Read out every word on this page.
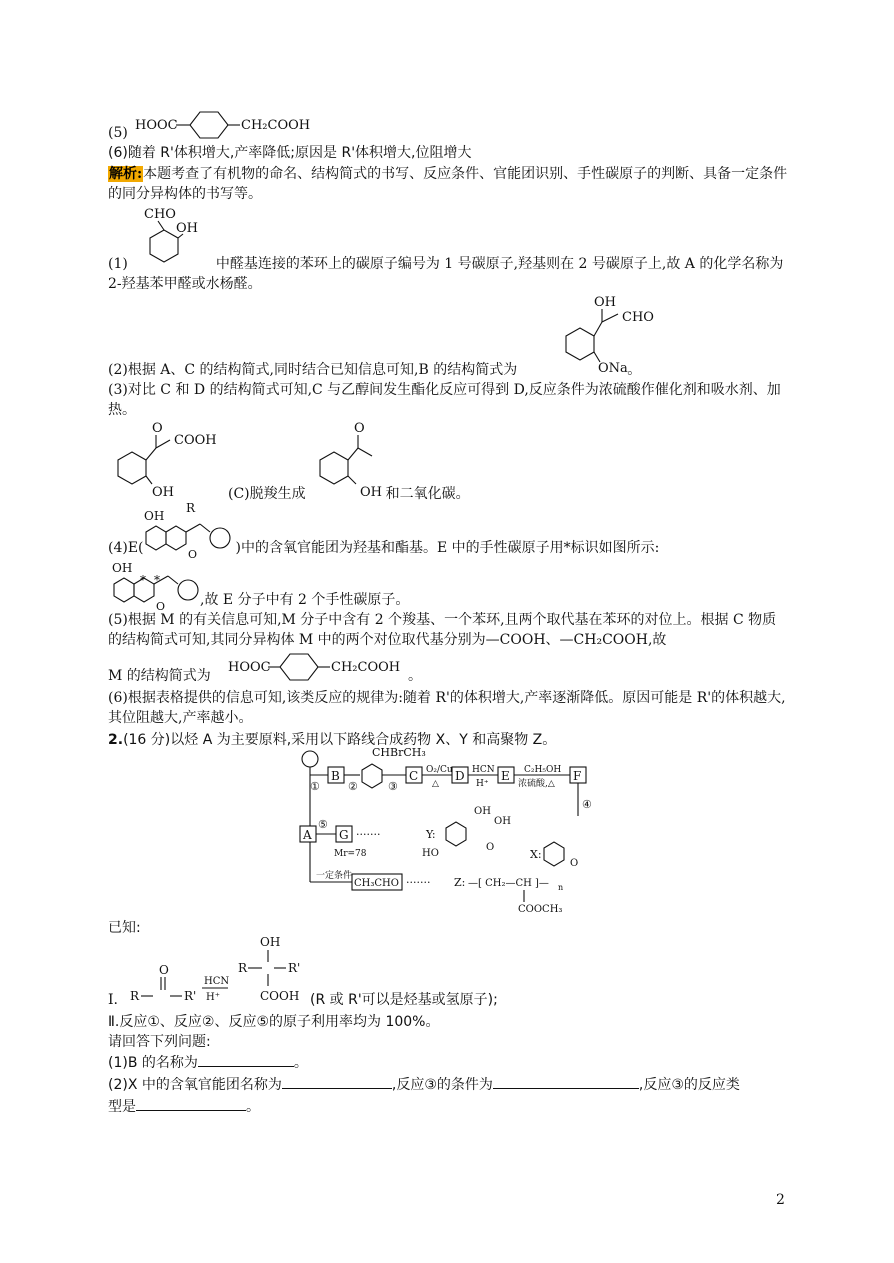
(5) HOOC	CH₂COOH
(6)随着 R'体积增大,产率降低;原因是 R'体积增大,位阻增大
解析:本题考查了有机物的命名、结构简式的书写、反应条件、官能团识别、手性碳原子的判断、具备一定条件的同分异构体的书写等。
CHO
OH
(1)	中醛基连接的苯环上的碳原子编号为 1 号碳原子,羟基则在 2 号碳原子上,故 A 的化学名称为 2-羟基苯甲醛或水杨醛。
OH
CHO
ONa
(2)根据 A、C 的结构简式,同时结合已知信息可知,B 的结构简式为	。
(3)对比 C 和 D 的结构简式可知,C 与乙醇间发生酯化反应可得到 D,反应条件为浓硫酸作催化剂和吸水剂、加热。
O
COOH
OH
O
OH
(C)脱羧生成	和二氧化碳。
OH
R
O
(4)E(	)中的含氧官能团为羟基和酯基。E 中的手性碳原子用*标识如图所示:
OH
* *
O ,故 E 分子中有 2 个手性碳原子。
(5)根据 M 的有关信息可知,M 分子中含有 2 个羧基、一个苯环,且两个取代基在苯环的对位上。根据 C 物质的结构简式可知,其同分异构体 M 中的两个对位取代基分别为—COOH、—CH₂COOH,故
M 的结构简式为
HOOC	CH₂COOH
。
(6)根据表格提供的信息可知,该类反应的规律为:随着 R'的体积增大,产率逐渐降低。原因可能是 R'的体积越大,其位阻越大,产率越小。
2.(16 分)以烃 A 为主要原料,采用以下路线合成药物 X、Y 和高聚物 Z。
①
B
②
CHBrCH₃
③
C O₂/Cu
△
D HCN
H⁺
E C₂H₅OH
浓硫酸,△
F
④
A
⑤
G
Mr=78
·······	Y:
HO
OH
OH
O
X:
O
一定条件
CH₃CHO ······· Z: —[ CH₂—CH ]— n
COOCH₃
已知:
Ⅰ. R
O
R'
HCN
H⁺
OH
R	R'
COOH (R 或 R'可以是烃基或氢原子);
Ⅱ.反应①、反应②、反应⑤的原子利用率均为 100%。
请回答下列问题:
(1)B 的名称为	。
(2)X 中的含氧官能团名称为	,反应③的条件为	,反应③的反应类
型是	。
2
